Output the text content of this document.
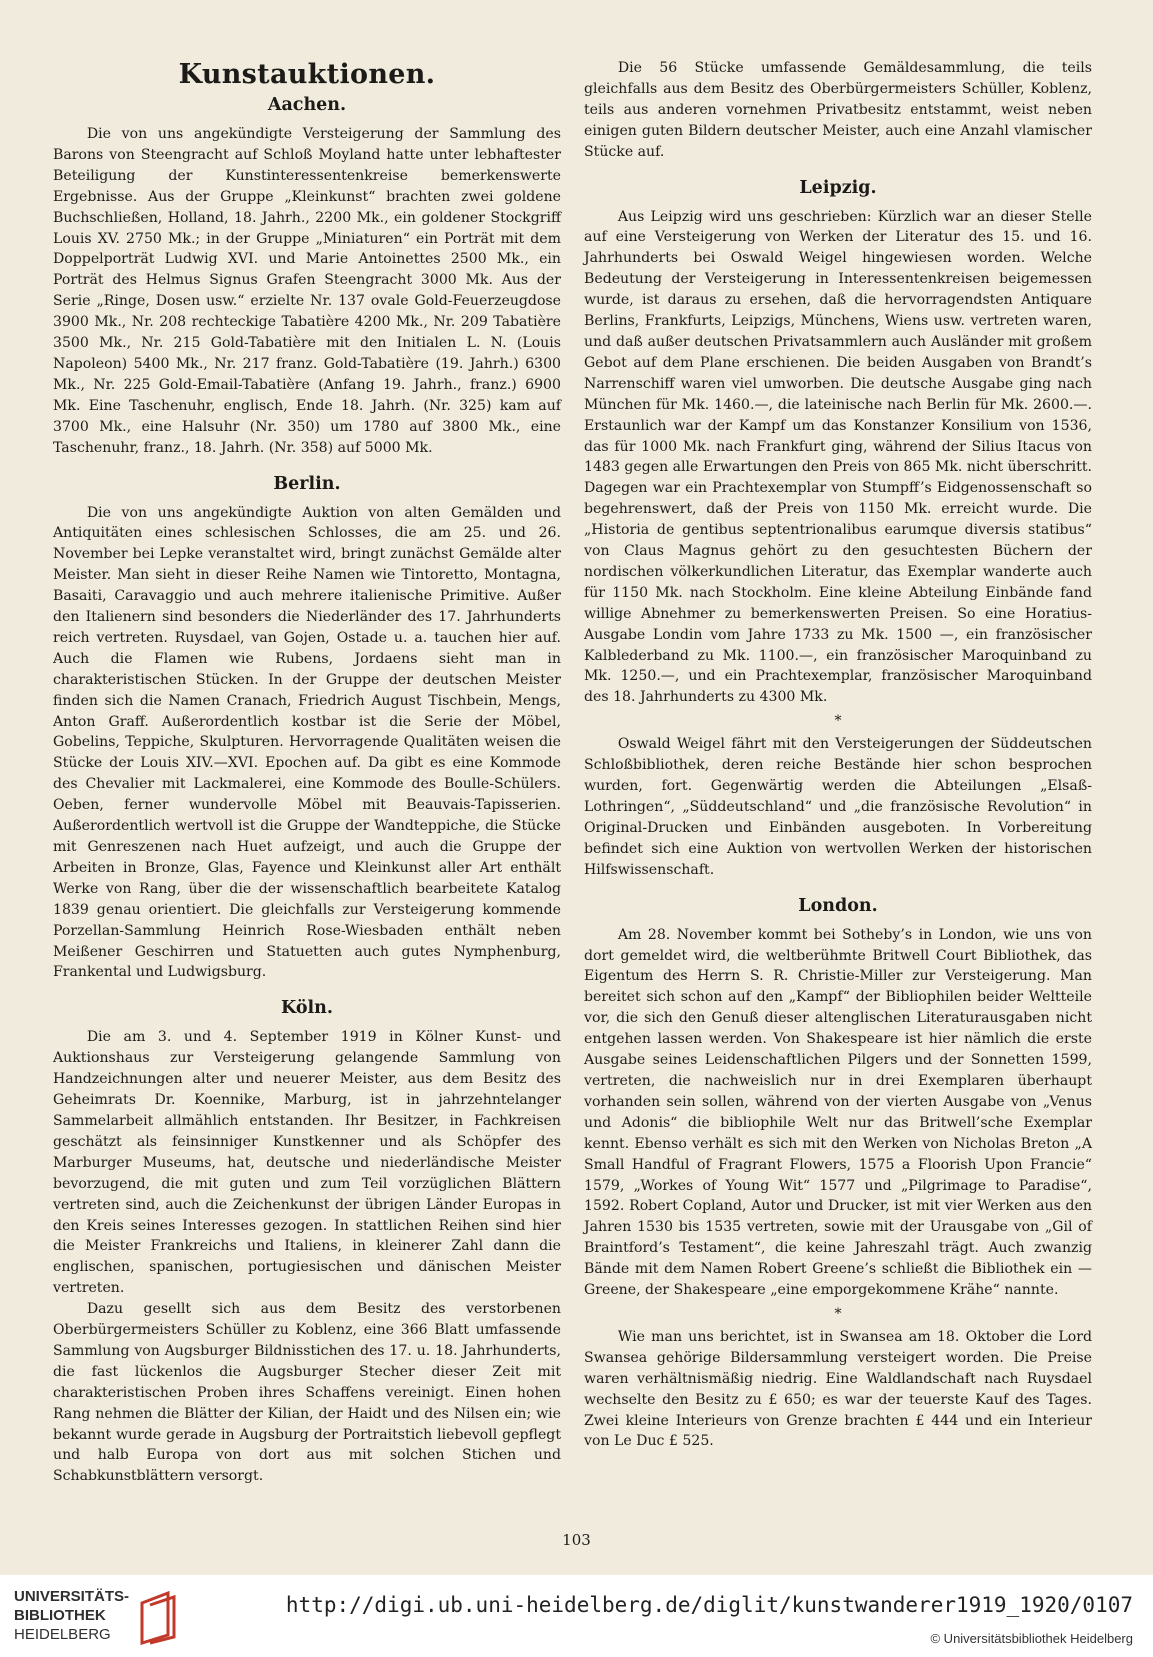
Kunstauktionen.
Aachen.

Die von uns angekündigte Versteigerung der Sammlung des Barons von Steengracht auf Schloß Moyland hatte unter lebhaftester Beteiligung der Kunstinteressentenkreise bemerkenswerte Ergebnisse. Aus der Gruppe „Kleinkunst“ brachten zwei goldene Buchschließen, Holland, 18. Jahrh., 2200 Mk., ein goldener Stockgriff Louis XV. 2750 Mk.; in der Gruppe „Miniaturen“ ein Porträt mit dem Doppelporträt Ludwig XVI. und Marie Antoinettes 2500 Mk., ein Porträt des Helmus Signus Grafen Steengracht 3000 Mk. Aus der Serie „Ringe, Dosen usw.“ erzielte Nr. 137 ovale Gold-Feuerzeugdose 3900 Mk., Nr. 208 rechteckige Tabatière 4200 Mk., Nr. 209 Tabatière 3500 Mk., Nr. 215 Gold-Tabatière mit den Initialen L. N. (Louis Napoleon) 5400 Mk., Nr. 217 franz. Gold-Tabatière (19. Jahrh.) 6300 Mk., Nr. 225 Gold-Email-Tabatière (Anfang 19. Jahrh., franz.) 6900 Mk. Eine Taschenuhr, englisch, Ende 18. Jahrh. (Nr. 325) kam auf 3700 Mk., eine Halsuhr (Nr. 350) um 1780 auf 3800 Mk., eine Taschenuhr, franz., 18. Jahrh. (Nr. 358) auf 5000 Mk.

Berlin.

Die von uns angekündigte Auktion von alten Gemälden und Antiquitäten eines schlesischen Schlosses, die am 25. und 26. November bei Lepke veranstaltet wird, bringt zunächst Gemälde alter Meister. Man sieht in dieser Reihe Namen wie Tintoretto, Montagna, Basaiti, Caravaggio und auch mehrere italienische Primitive. Außer den Italienern sind besonders die Niederländer des 17. Jahrhunderts reich vertreten. Ruysdael, van Gojen, Ostade u. a. tauchen hier auf. Auch die Flamen wie Rubens, Jordaens sieht man in charakteristischen Stücken. In der Gruppe der deutschen Meister finden sich die Namen Cranach, Friedrich August Tischbein, Mengs, Anton Graff. Außerordentlich kostbar ist die Serie der Möbel, Gobelins, Teppiche, Skulpturen. Hervorragende Qualitäten weisen die Stücke der Louis XIV.—XVI. Epochen auf. Da gibt es eine Kommode des Chevalier mit Lackmalerei, eine Kommode des Boulle-Schülers. Oeben, ferner wundervolle Möbel mit Beauvais-Tapisserien. Außerordentlich wertvoll ist die Gruppe der Wandteppiche, die Stücke mit Genreszenen nach Huet aufzeigt, und auch die Gruppe der Arbeiten in Bronze, Glas, Fayence und Kleinkunst aller Art enthält Werke von Rang, über die der wissenschaftlich bearbeitete Katalog 1839 genau orientiert. Die gleichfalls zur Versteigerung kommende Porzellan-Sammlung Heinrich Rose-Wiesbaden enthält neben Meißener Geschirren und Statuetten auch gutes Nymphenburg, Frankental und Ludwigsburg.

Köln.

Die am 3. und 4. September 1919 in Kölner Kunst- und Auktionshaus zur Versteigerung gelangende Sammlung von Handzeichnungen alter und neuerer Meister, aus dem Besitz des Geheimrats Dr. Koennike, Marburg, ist in jahrzehntelanger Sammelarbeit allmählich entstanden. Ihr Besitzer, in Fachkreisen geschätzt als feinsinniger Kunstkenner und als Schöpfer des Marburger Museums, hat, deutsche und niederländische Meister bevorzugend, die mit guten und zum Teil vorzüglichen Blättern vertreten sind, auch die Zeichenkunst der übrigen Länder Europas in den Kreis seines Interesses gezogen. In stattlichen Reihen sind hier die Meister Frankreichs und Italiens, in kleinerer Zahl dann die englischen, spanischen, portugiesischen und dänischen Meister vertreten.

Dazu gesellt sich aus dem Besitz des verstorbenen Oberbürgermeisters Schüller zu Koblenz, eine 366 Blatt umfassende Sammlung von Augsburger Bildnisstichen des 17. u. 18. Jahrhunderts, die fast lückenlos die Augsburger Stecher dieser Zeit mit charakteristischen Proben ihres Schaffens vereinigt. Einen hohen Rang nehmen die Blätter der Kilian, der Haidt und des Nilsen ein; wie bekannt wurde gerade in Augsburg der Portraitstich liebevoll gepflegt und halb Europa von dort aus mit solchen Stichen und Schabkunstblättern versorgt.

Die 56 Stücke umfassende Gemäldesammlung, die teils gleichfalls aus dem Besitz des Oberbürgermeisters Schüller, Koblenz, teils aus anderen vornehmen Privatbesitz entstammt, weist neben einigen guten Bildern deutscher Meister, auch eine Anzahl vlamischer Stücke auf.

Leipzig.

Aus Leipzig wird uns geschrieben: Kürzlich war an dieser Stelle auf eine Versteigerung von Werken der Literatur des 15. und 16. Jahrhunderts bei Oswald Weigel hingewiesen worden. Welche Bedeutung der Versteigerung in Interessentenkreisen beigemessen wurde, ist daraus zu ersehen, daß die hervorragendsten Antiquare Berlins, Frankfurts, Leipzigs, Münchens, Wiens usw. vertreten waren, und daß außer deutschen Privatsammlern auch Ausländer mit großem Gebot auf dem Plane erschienen. Die beiden Ausgaben von Brandt’s Narrenschiff waren viel umworben. Die deutsche Ausgabe ging nach München für Mk. 1460.—, die lateinische nach Berlin für Mk. 2600.—. Erstaunlich war der Kampf um das Konstanzer Konsilium von 1536, das für 1000 Mk. nach Frankfurt ging, während der Silius Itacus von 1483 gegen alle Erwartungen den Preis von 865 Mk. nicht überschritt. Dagegen war ein Prachtexemplar von Stumpff’s Eidgenossenschaft so begehrenswert, daß der Preis von 1150 Mk. erreicht wurde. Die „Historia de gentibus septentrionalibus earumque diversis statibus“ von Claus Magnus gehört zu den gesuchtesten Büchern der nordischen völkerkundlichen Literatur, das Exemplar wanderte auch für 1150 Mk. nach Stockholm. Eine kleine Abteilung Einbände fand willige Abnehmer zu bemerkenswerten Preisen. So eine Horatius-Ausgabe Londin vom Jahre 1733 zu Mk. 1500 —, ein französischer Kalblederband zu Mk. 1100.—, ein französischer Maroquinband zu Mk. 1250.—, und ein Prachtexemplar, französischer Maroquinband des 18. Jahrhunderts zu 4300 Mk.

*

Oswald Weigel fährt mit den Versteigerungen der Süddeutschen Schloßbibliothek, deren reiche Bestände hier schon besprochen wurden, fort. Gegenwärtig werden die Abteilungen „Elsaß-Lothringen“, „Süddeutschland“ und „die französische Revolution“ in Original-Drucken und Einbänden ausgeboten. In Vorbereitung befindet sich eine Auktion von wertvollen Werken der historischen Hilfswissenschaft.

London.

Am 28. November kommt bei Sotheby’s in London, wie uns von dort gemeldet wird, die weltberühmte Britwell Court Bibliothek, das Eigentum des Herrn S. R. Christie-Miller zur Versteigerung. Man bereitet sich schon auf den „Kampf“ der Bibliophilen beider Weltteile vor, die sich den Genuß dieser altenglischen Literaturausgaben nicht entgehen lassen werden. Von Shakespeare ist hier nämlich die erste Ausgabe seines Leidenschaftlichen Pilgers und der Sonnetten 1599, vertreten, die nachweislich nur in drei Exemplaren überhaupt vorhanden sein sollen, während von der vierten Ausgabe von „Venus und Adonis“ die bibliophile Welt nur das Britwell’sche Exemplar kennt. Ebenso verhält es sich mit den Werken von Nicholas Breton „A Small Handful of Fragrant Flowers, 1575 a Floorish Upon Francie“ 1579, „Workes of Young Wit“ 1577 und „Pilgrimage to Paradise“, 1592. Robert Copland, Autor und Drucker, ist mit vier Werken aus den Jahren 1530 bis 1535 vertreten, sowie mit der Urausgabe von „Gil of Braintford’s Testament“, die keine Jahreszahl trägt. Auch zwanzig Bände mit dem Namen Robert Greene’s schließt die Bibliothek ein — Greene, der Shakespeare „eine emporgekommene Krähe“ nannte.

*

Wie man uns berichtet, ist in Swansea am 18. Oktober die Lord Swansea gehörige Bildersammlung versteigert worden. Die Preise waren verhältnismäßig niedrig. Eine Waldlandschaft nach Ruysdael wechselte den Besitz zu £ 650; es war der teuerste Kauf des Tages. Zwei kleine Interieurs von Grenze brachten £ 444 und ein Interieur von Le Duc £ 525.

103
UNIVERSITÄTS-
BIBLIOTHEK
HEIDELBERG
http://digi.ub.uni-heidelberg.de/diglit/kunstwanderer1919_1920/0107
© Universitätsbibliothek Heidelberg
